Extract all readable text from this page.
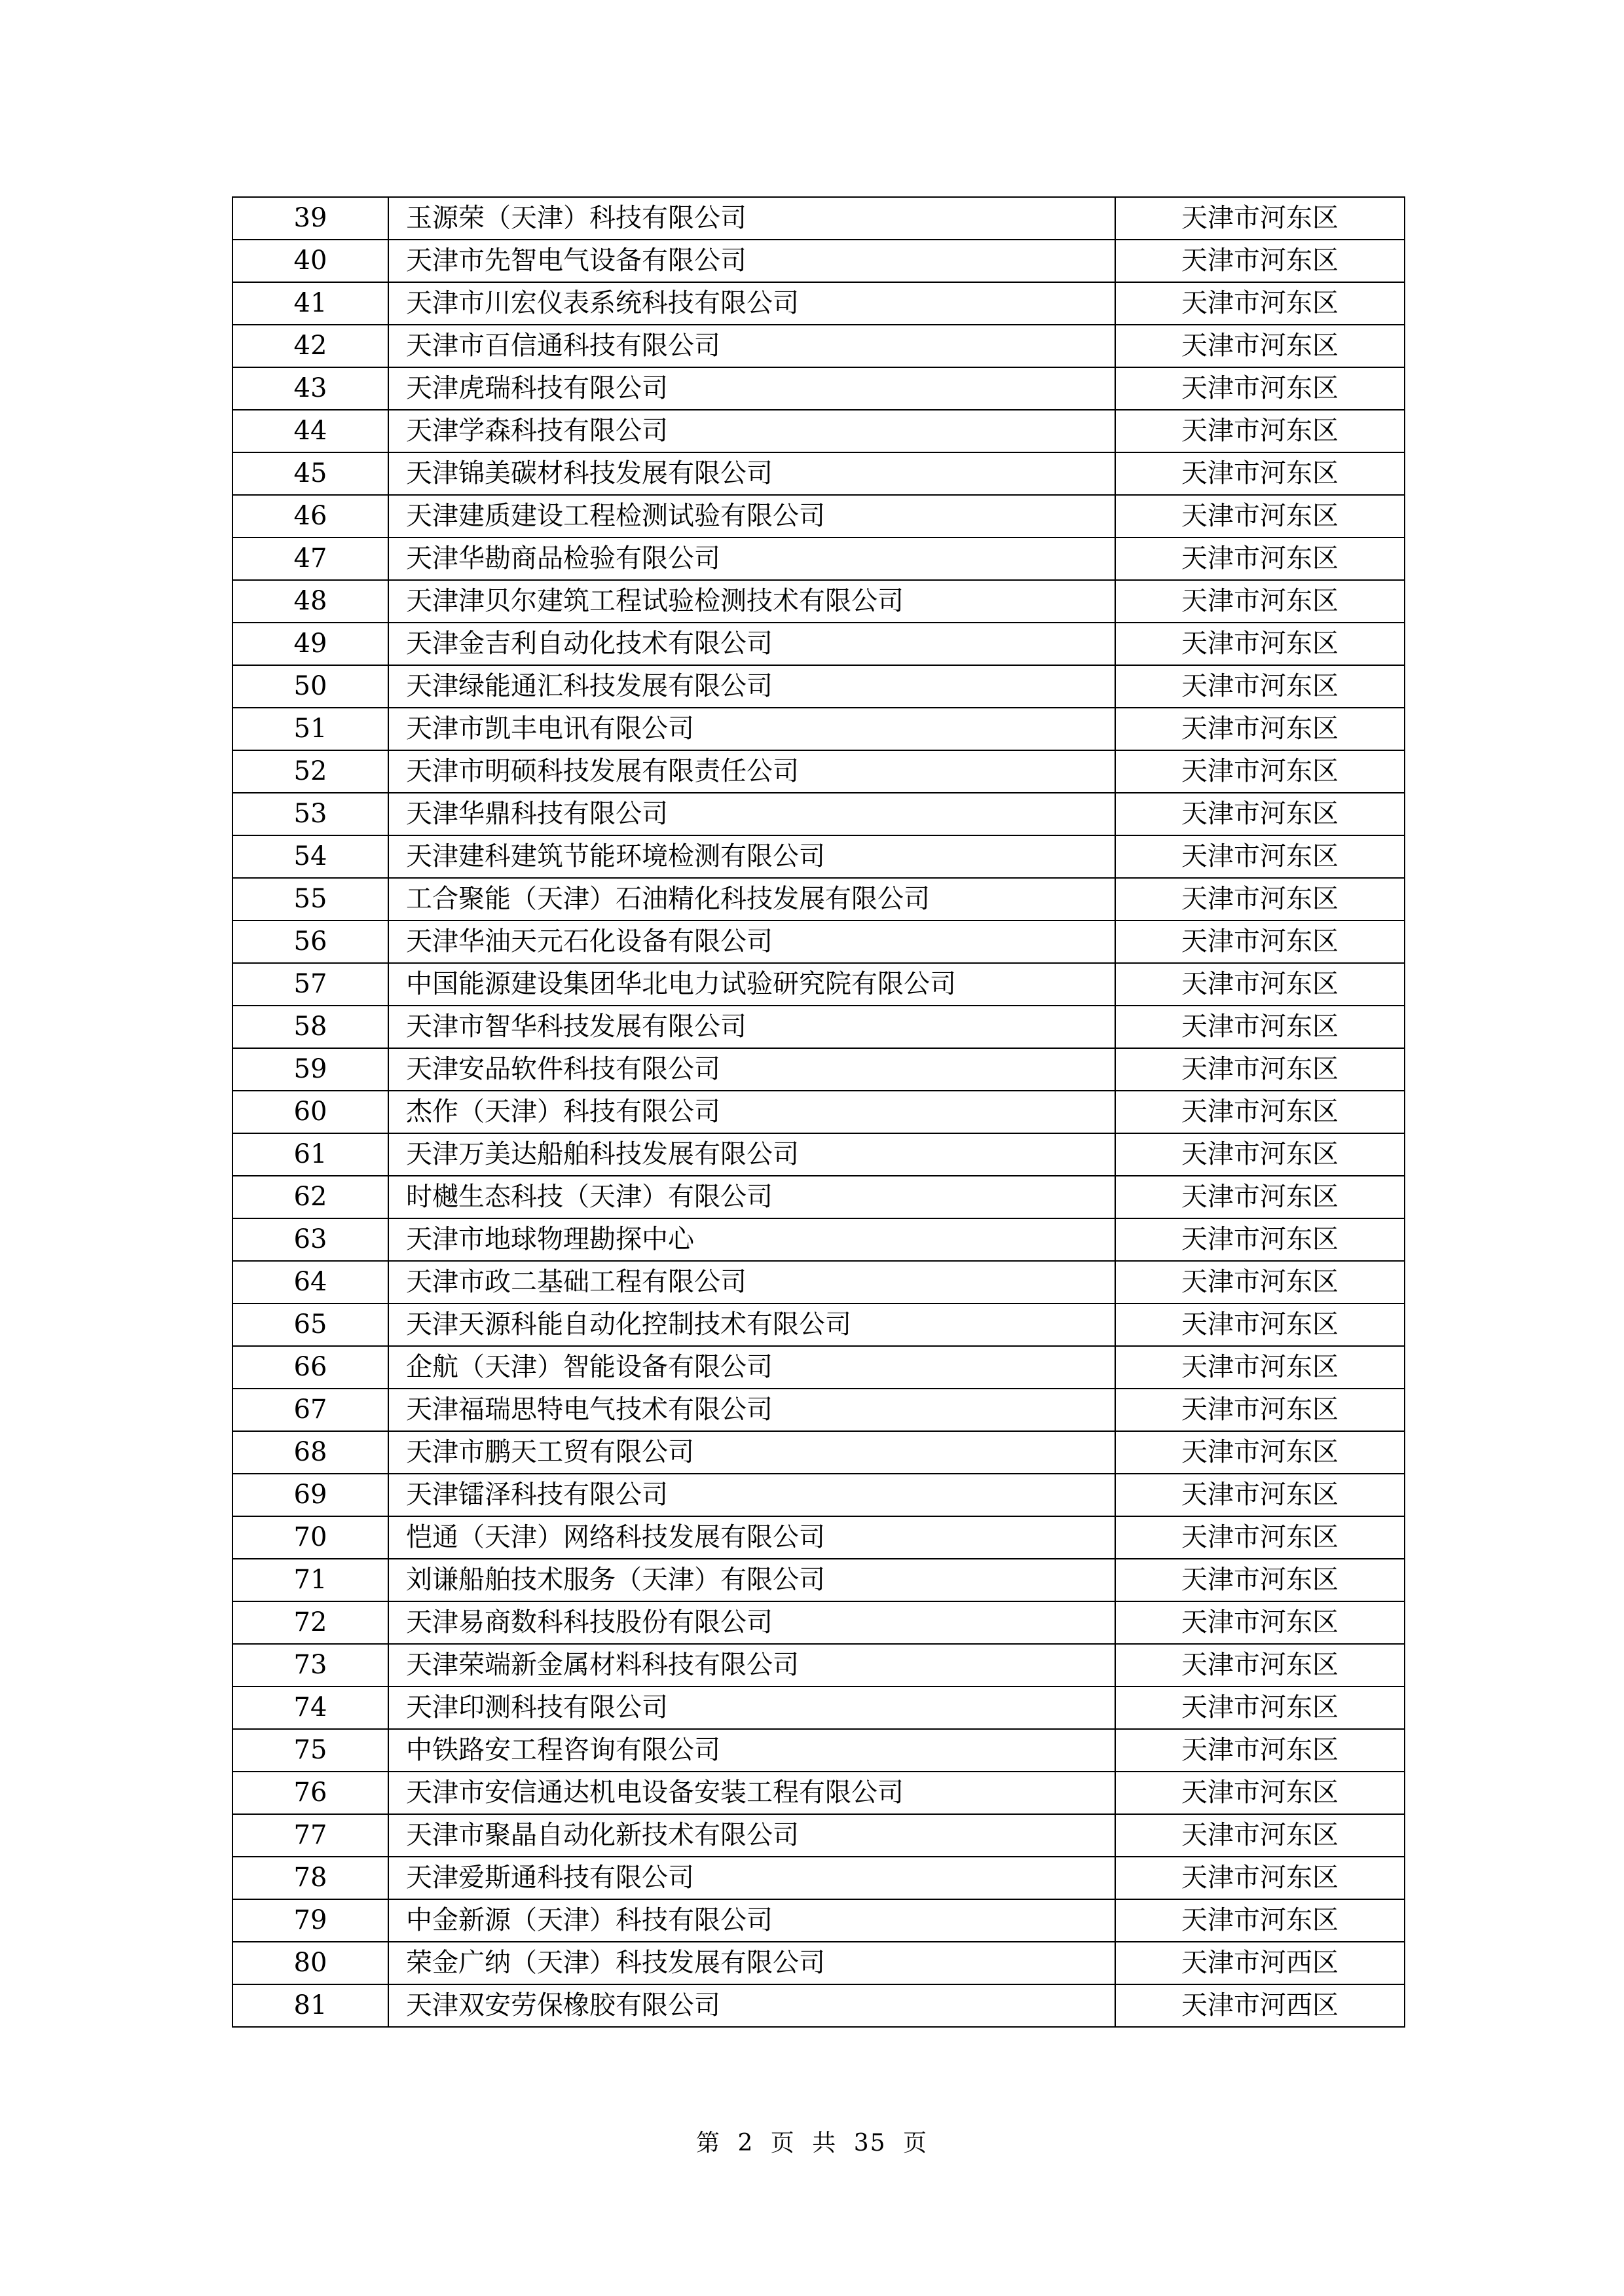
39	玉源荣（天津）科技有限公司	天津市河东区
40	天津市先智电气设备有限公司	天津市河东区
41	天津市川宏仪表系统科技有限公司	天津市河东区
42	天津市百信通科技有限公司	天津市河东区
43	天津虎瑞科技有限公司	天津市河东区
44	天津学森科技有限公司	天津市河东区
45	天津锦美碳材科技发展有限公司	天津市河东区
46	天津建质建设工程检测试验有限公司	天津市河东区
47	天津华勘商品检验有限公司	天津市河东区
48	天津津贝尔建筑工程试验检测技术有限公司	天津市河东区
49	天津金吉利自动化技术有限公司	天津市河东区
50	天津绿能通汇科技发展有限公司	天津市河东区
51	天津市凯丰电讯有限公司	天津市河东区
52	天津市明硕科技发展有限责任公司	天津市河东区
53	天津华鼎科技有限公司	天津市河东区
54	天津建科建筑节能环境检测有限公司	天津市河东区
55	工合聚能（天津）石油精化科技发展有限公司	天津市河东区
56	天津华油天元石化设备有限公司	天津市河东区
57	中国能源建设集团华北电力试验研究院有限公司	天津市河东区
58	天津市智华科技发展有限公司	天津市河东区
59	天津安品软件科技有限公司	天津市河东区
60	杰作（天津）科技有限公司	天津市河东区
61	天津万美达船舶科技发展有限公司	天津市河东区
62	时樾生态科技（天津）有限公司	天津市河东区
63	天津市地球物理勘探中心	天津市河东区
64	天津市政二基础工程有限公司	天津市河东区
65	天津天源科能自动化控制技术有限公司	天津市河东区
66	企航（天津）智能设备有限公司	天津市河东区
67	天津福瑞思特电气技术有限公司	天津市河东区
68	天津市鹏天工贸有限公司	天津市河东区
69	天津镭泽科技有限公司	天津市河东区
70	恺通（天津）网络科技发展有限公司	天津市河东区
71	刘谦船舶技术服务（天津）有限公司	天津市河东区
72	天津易商数科科技股份有限公司	天津市河东区
73	天津荣端新金属材料科技有限公司	天津市河东区
74	天津印测科技有限公司	天津市河东区
75	中铁路安工程咨询有限公司	天津市河东区
76	天津市安信通达机电设备安装工程有限公司	天津市河东区
77	天津市聚晶自动化新技术有限公司	天津市河东区
78	天津爱斯通科技有限公司	天津市河东区
79	中金新源（天津）科技有限公司	天津市河东区
80	荣金广纳（天津）科技发展有限公司	天津市河西区
81	天津双安劳保橡胶有限公司	天津市河西区
第 2 页 共 35 页
